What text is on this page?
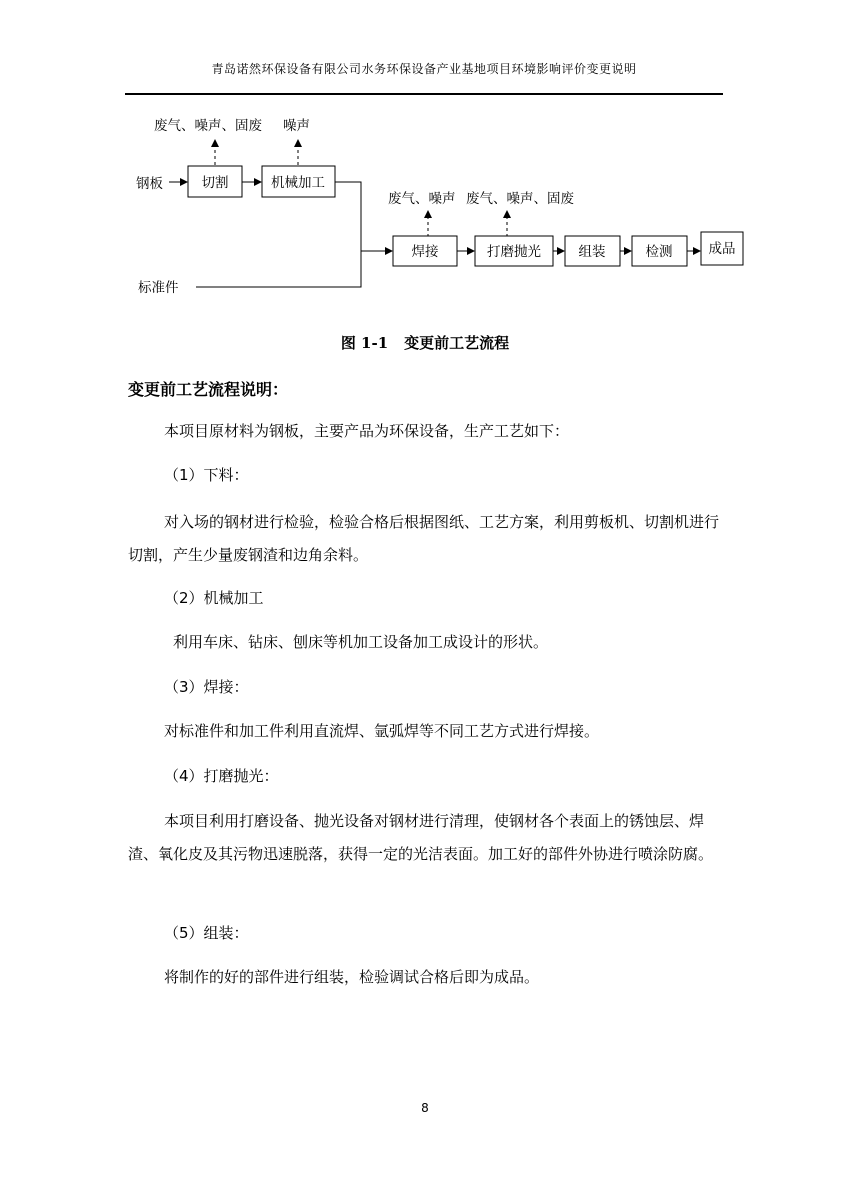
青岛诺然环保设备有限公司水务环保设备产业基地项目环境影响评价变更说明
废气、噪声、固废 噪声
废气、噪声 废气、噪声、固废
钢板	切割	机械加工
标准件
焊接	打磨抛光	组装	检测	成品
图 1-1 变更前工艺流程
变更前工艺流程说明：

本项目原材料为钢板，主要产品为环保设备，生产工艺如下：

（1）下料：

对入场的钢材进行检验，检验合格后根据图纸、工艺方案，利用剪板机、切割机进行切割，产生少量废钢渣和边角余料。

（2）机械加工

利用车床、钻床、刨床等机加工设备加工成设计的形状。

（3）焊接：

对标准件和加工件利用直流焊、氩弧焊等不同工艺方式进行焊接。

（4）打磨抛光：

本项目利用打磨设备、抛光设备对钢材进行清理，使钢材各个表面上的锈蚀层、焊渣、氧化皮及其污物迅速脱落，获得一定的光洁表面。加工好的部件外协进行喷涂防腐。

（5）组装：

将制作的好的部件进行组装，检验调试合格后即为成品。

8
